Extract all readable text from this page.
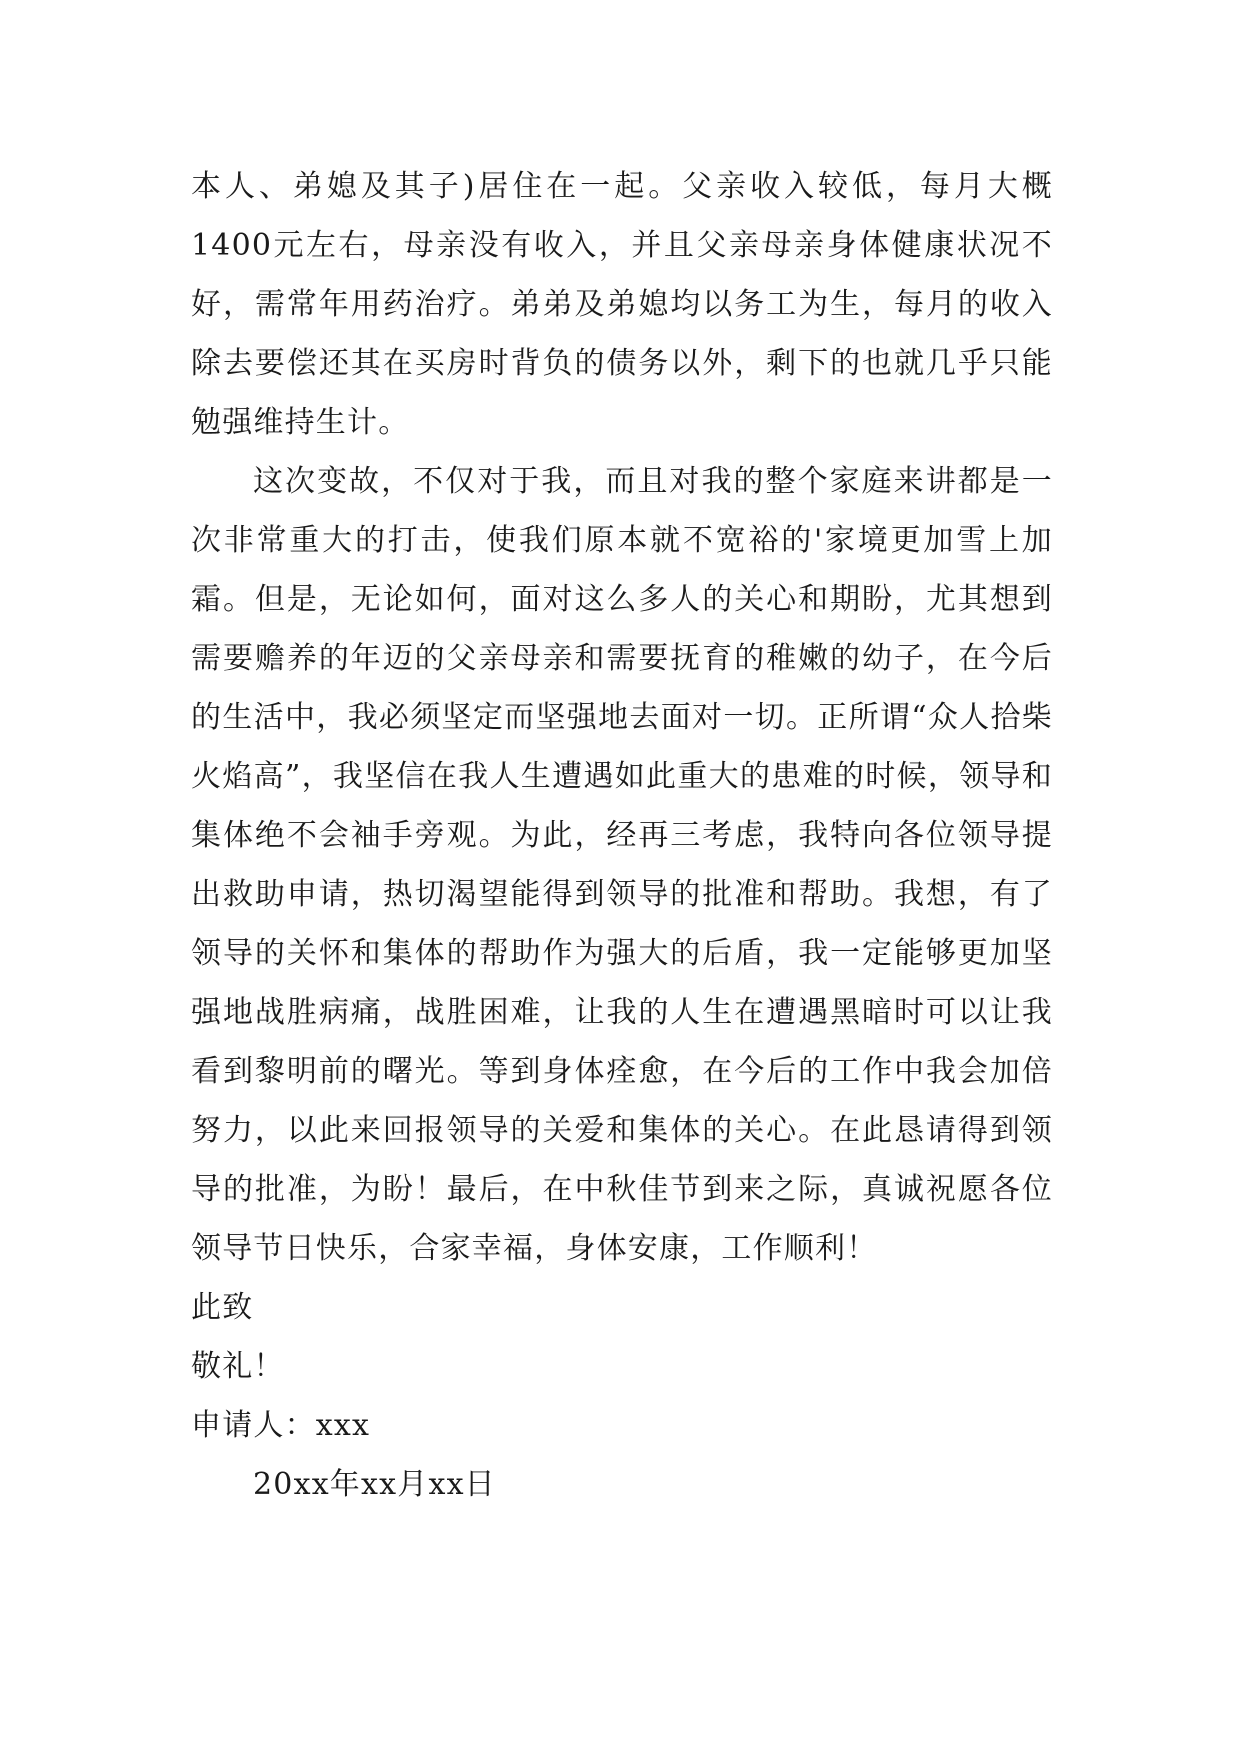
本人、弟媳及其子)居住在一起。父亲收入较低，每月大概1400元左右，母亲没有收入，并且父亲母亲身体健康状况不好，需常年用药治疗。弟弟及弟媳均以务工为生，每月的收入除去要偿还其在买房时背负的债务以外，剩下的也就几乎只能勉强维持生计。

这次变故，不仅对于我，而且对我的整个家庭来讲都是一次非常重大的打击，使我们原本就不宽裕的'家境更加雪上加霜。但是，无论如何，面对这么多人的关心和期盼，尤其想到需要赡养的年迈的父亲母亲和需要抚育的稚嫩的幼子，在今后的生活中，我必须坚定而坚强地去面对一切。正所谓“众人拾柴火焰高”，我坚信在我人生遭遇如此重大的患难的时候，领导和集体绝不会袖手旁观。为此，经再三考虑，我特向各位领导提出救助申请，热切渴望能得到领导的批准和帮助。我想，有了领导的关怀和集体的帮助作为强大的后盾，我一定能够更加坚强地战胜病痛，战胜困难，让我的人生在遭遇黑暗时可以让我看到黎明前的曙光。等到身体痊愈，在今后的工作中我会加倍努力，以此来回报领导的关爱和集体的关心。在此恳请得到领导的批准，为盼！最后，在中秋佳节到来之际，真诚祝愿各位领导节日快乐，合家幸福，身体安康，工作顺利！

此致
敬礼！
申请人：xxx
20xx年xx月xx日
